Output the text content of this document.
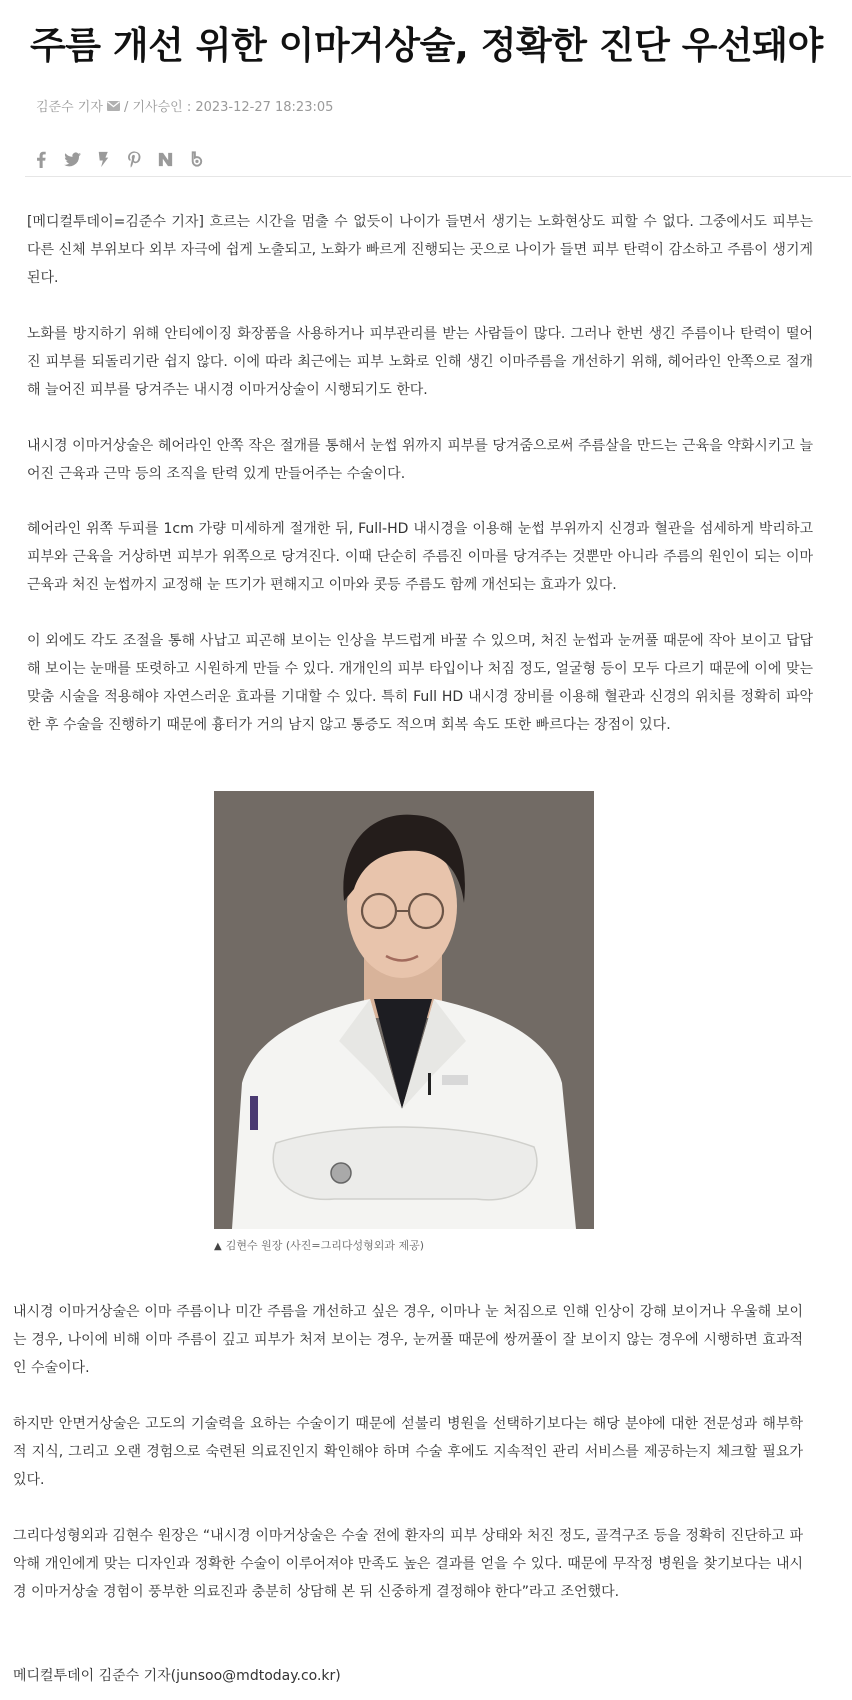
주름 개선 위한 이마거상술, 정확한 진단 우선돼야
김준수 기자 / 기사승인 : 2023-12-27 18:23:05

[메디컬투데이=김준수 기자] 흐르는 시간을 멈출 수 없듯이 나이가 들면서 생기는 노화현상도 피할 수 없다. 그중에서도 피부는 다른 신체 부위보다 외부 자극에 쉽게 노출되고, 노화가 빠르게 진행되는 곳으로 나이가 들면 피부 탄력이 감소하고 주름이 생기게 된다.

노화를 방지하기 위해 안티에이징 화장품을 사용하거나 피부관리를 받는 사람들이 많다. 그러나 한번 생긴 주름이나 탄력이 떨어진 피부를 되돌리기란 쉽지 않다. 이에 따라 최근에는 피부 노화로 인해 생긴 이마주름을 개선하기 위해, 헤어라인 안쪽으로 절개해 늘어진 피부를 당겨주는 내시경 이마거상술이 시행되기도 한다.

내시경 이마거상술은 헤어라인 안쪽 작은 절개를 통해서 눈썹 위까지 피부를 당겨줌으로써 주름살을 만드는 근육을 약화시키고 늘어진 근육과 근막 등의 조직을 탄력 있게 만들어주는 수술이다.

헤어라인 위쪽 두피를 1cm 가량 미세하게 절개한 뒤, Full-HD 내시경을 이용해 눈썹 부위까지 신경과 혈관을 섬세하게 박리하고 피부와 근육을 거상하면 피부가 위쪽으로 당겨진다. 이때 단순히 주름진 이마를 당겨주는 것뿐만 아니라 주름의 원인이 되는 이마 근육과 처진 눈썹까지 교정해 눈 뜨기가 편해지고 이마와 콧등 주름도 함께 개선되는 효과가 있다.

이 외에도 각도 조절을 통해 사납고 피곤해 보이는 인상을 부드럽게 바꿀 수 있으며, 처진 눈썹과 눈꺼풀 때문에 작아 보이고 답답해 보이는 눈매를 또렷하고 시원하게 만들 수 있다. 개개인의 피부 타입이나 처짐 정도, 얼굴형 등이 모두 다르기 때문에 이에 맞는 맞춤 시술을 적용해야 자연스러운 효과를 기대할 수 있다. 특히 Full HD 내시경 장비를 이용해 혈관과 신경의 위치를 정확히 파악한 후 수술을 진행하기 때문에 흉터가 거의 남지 않고 통증도 적으며 회복 속도 또한 빠르다는 장점이 있다.

▲ 김현수 원장 (사진=그리다성형외과 제공)

내시경 이마거상술은 이마 주름이나 미간 주름을 개선하고 싶은 경우, 이마나 눈 처짐으로 인해 인상이 강해 보이거나 우울해 보이는 경우, 나이에 비해 이마 주름이 깊고 피부가 처져 보이는 경우, 눈꺼풀 때문에 쌍꺼풀이 잘 보이지 않는 경우에 시행하면 효과적인 수술이다.

하지만 안면거상술은 고도의 기술력을 요하는 수술이기 때문에 섣불리 병원을 선택하기보다는 해당 분야에 대한 전문성과 해부학적 지식, 그리고 오랜 경험으로 숙련된 의료진인지 확인해야 하며 수술 후에도 지속적인 관리 서비스를 제공하는지 체크할 필요가 있다.

그리다성형외과 김현수 원장은 “내시경 이마거상술은 수술 전에 환자의 피부 상태와 처진 정도, 골격구조 등을 정확히 진단하고 파악해 개인에게 맞는 디자인과 정확한 수술이 이루어져야 만족도 높은 결과를 얻을 수 있다. 때문에 무작정 병원을 찾기보다는 내시경 이마거상술 경험이 풍부한 의료진과 충분히 상담해 본 뒤 신중하게 결정해야 한다”라고 조언했다.

메디컬투데이 김준수 기자(junsoo@mdtoday.co.kr)
